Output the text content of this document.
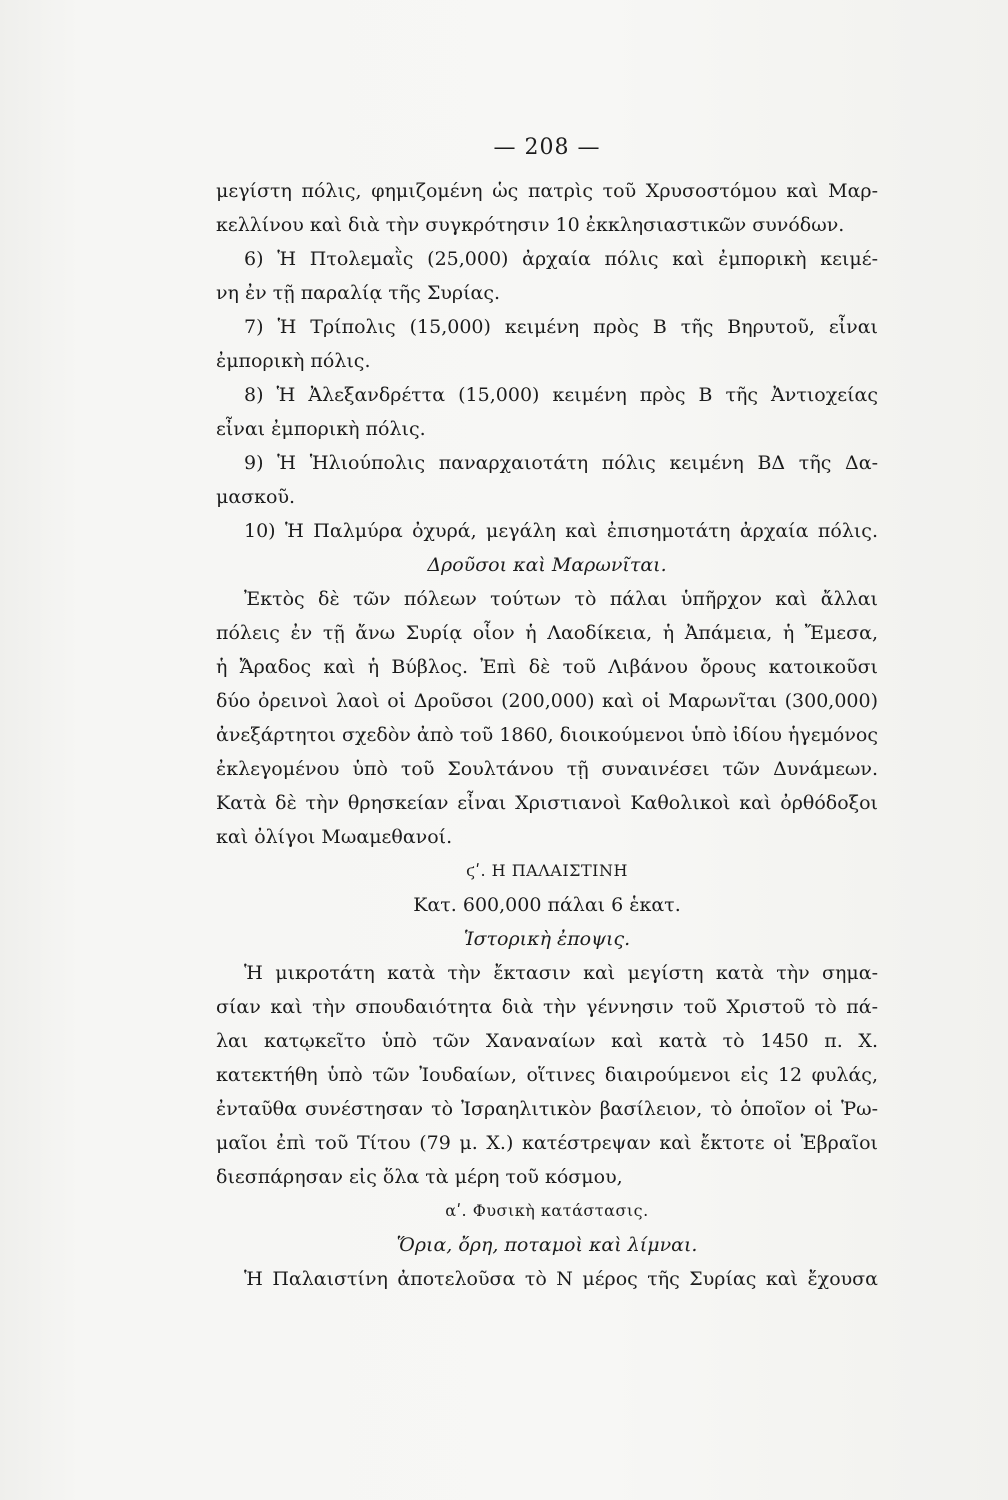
— 208 —
μεγίστη πόλις, φημιζομένη ὡς πατρὶς τοῦ Χρυσοστόμου καὶ Μαρ-
κελλίνου καὶ διὰ τὴν συγκρότησιν 10 ἐκκλησιαστικῶν συνόδων.
6) Ἡ Πτολεμαῒς (25,000) ἀρχαία πόλις καὶ ἐμπορικὴ κειμέ-
νη ἐν τῇ παραλίᾳ τῆς Συρίας.
7) Ἡ Τρίπολις (15,000) κειμένη πρὸς Β τῆς Βηρυτοῦ, εἶναι
ἐμπορικὴ πόλις.
8) Ἡ Ἀλεξανδρέττα (15,000) κειμένη πρὸς Β τῆς Ἀντιοχείας
εἶναι ἐμπορικὴ πόλις.
9) Ἡ Ἡλιούπολις παναρχαιοτάτη πόλις κειμένη ΒΔ τῆς Δα-
μασκοῦ.
10) Ἡ Παλμύρα ὀχυρά, μεγάλη καὶ ἐπισημοτάτη ἀρχαία πόλις.
Δροῦσοι καὶ Μαρωνῖται.
Ἐκτὸς δὲ τῶν πόλεων τούτων τὸ πάλαι ὑπῆρχον καὶ ἄλλαι
πόλεις ἐν τῇ ἄνω Συρίᾳ οἷον ἡ Λαοδίκεια, ἡ Ἀπάμεια, ἡ Ἔμεσα,
ἡ Ἄραδος καὶ ἡ Βύβλος. Ἐπὶ δὲ τοῦ Λιβάνου ὄρους κατοικοῦσι
δύο ὀρεινοὶ λαοὶ οἱ Δροῦσοι (200,000) καὶ οἱ Μαρωνῖται (300,000)
ἀνεξάρτητοι σχεδὸν ἀπὸ τοῦ 1860, διοικούμενοι ὑπὸ ἰδίου ἡγεμόνος
ἐκλεγομένου ὑπὸ τοῦ Σουλτάνου τῇ συναινέσει τῶν Δυνάμεων.
Κατὰ δὲ τὴν θρησκείαν εἶναι Χριστιανοὶ Καθολικοὶ καὶ ὀρθόδοξοι
καὶ ὀλίγοι Μωαμεθανοί.
ϛʹ. Η ΠΑΛΑΙΣΤΙΝΗ
Κατ. 600,000 πάλαι 6 ἑκατ.
Ἱστορικὴ ἐποψις.
Ἡ μικροτάτη κατὰ τὴν ἔκτασιν καὶ μεγίστη κατὰ τὴν σημα-
σίαν καὶ τὴν σπουδαιότητα διὰ τὴν γέννησιν τοῦ Χριστοῦ τὸ πά-
λαι κατῳκεῖτο ὑπὸ τῶν Χαναναίων καὶ κατὰ τὸ 1450 π. Χ.
κατεκτήθη ὑπὸ τῶν Ἰουδαίων, οἵτινες διαιρούμενοι εἰς 12 φυλάς,
ἐνταῦθα συνέστησαν τὸ Ἰσραηλιτικὸν βασίλειον, τὸ ὁποῖον οἱ Ῥω-
μαῖοι ἐπὶ τοῦ Τίτου (79 μ. Χ.) κατέστρεψαν καὶ ἔκτοτε οἱ Ἑβραῖοι
διεσπάρησαν εἰς ὅλα τὰ μέρη τοῦ κόσμου,
αʹ. Φυσικὴ κατάστασις.
Ὅρια, ὄρη, ποταμοὶ καὶ λίμναι.
Ἡ Παλαιστίνη ἀποτελοῦσα τὸ Ν μέρος τῆς Συρίας καὶ ἔχουσα
